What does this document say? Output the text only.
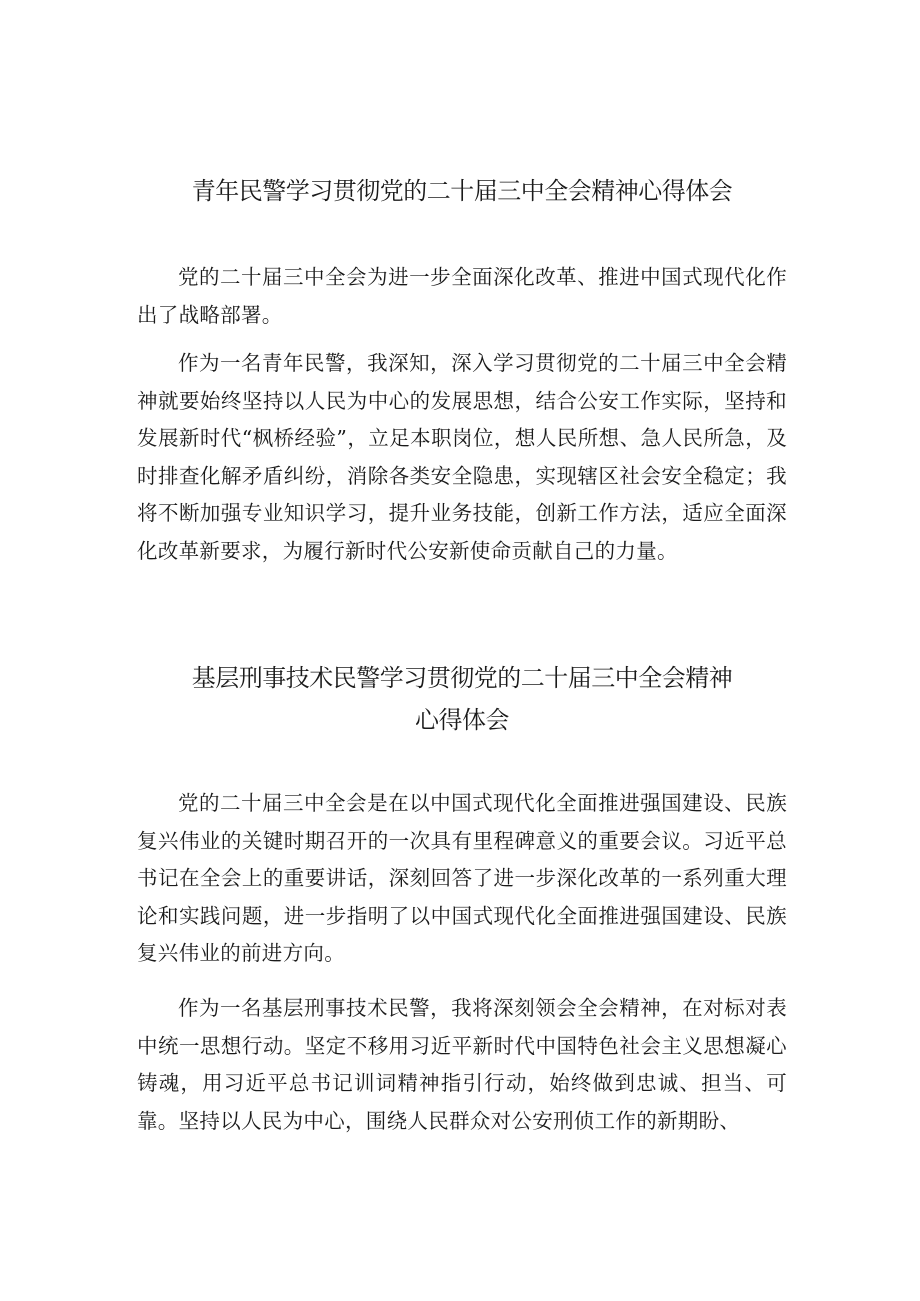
青年民警学习贯彻党的二十届三中全会精神心得体会

党的二十届三中全会为进一步全面深化改革、推进中国式现代化作出了战略部署。

作为一名青年民警，我深知，深入学习贯彻党的二十届三中全会精神就要始终坚持以人民为中心的发展思想，结合公安工作实际，坚持和发展新时代“枫桥经验”，立足本职岗位，想人民所想、急人民所急，及时排查化解矛盾纠纷，消除各类安全隐患，实现辖区社会安全稳定；我将不断加强专业知识学习，提升业务技能，创新工作方法，适应全面深化改革新要求，为履行新时代公安新使命贡献自己的力量。

基层刑事技术民警学习贯彻党的二十届三中全会精神
心得体会

党的二十届三中全会是在以中国式现代化全面推进强国建设、民族复兴伟业的关键时期召开的一次具有里程碑意义的重要会议。习近平总书记在全会上的重要讲话，深刻回答了进一步深化改革的一系列重大理论和实践问题，进一步指明了以中国式现代化全面推进强国建设、民族复兴伟业的前进方向。

作为一名基层刑事技术民警，我将深刻领会全会精神，在对标对表中统一思想行动。坚定不移用习近平新时代中国特色社会主义思想凝心铸魂，用习近平总书记训词精神指引行动，始终做到忠诚、担当、可靠。坚持以人民为中心，围绕人民群众对公安刑侦工作的新期盼、
